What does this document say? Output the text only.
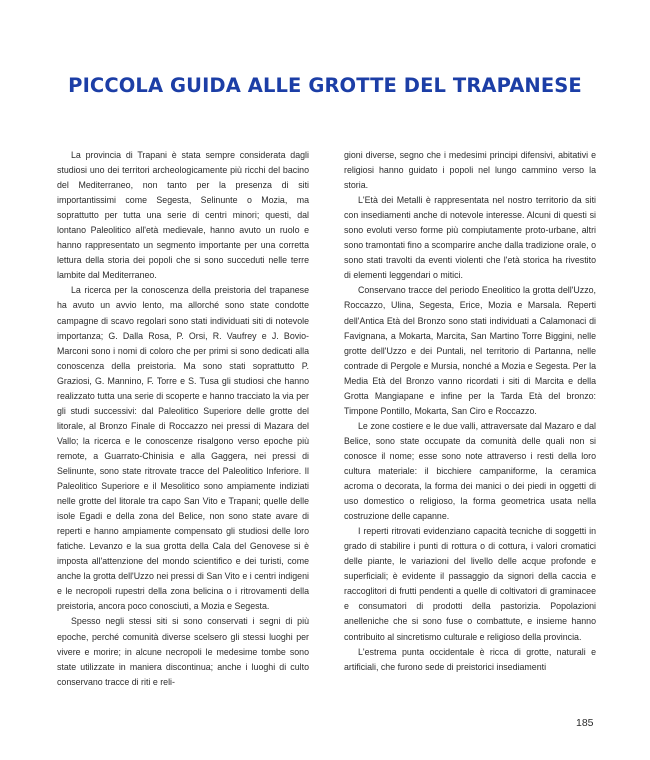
PICCOLA GUIDA ALLE GROTTE DEL TRAPANESE

La provincia di Trapani è stata sempre considerata dagli studiosi uno dei territori archeologicamente più ricchi del bacino del Mediterraneo, non tanto per la presenza di siti importantissimi come Segesta, Selinunte o Mozia, ma soprattutto per tutta una serie di centri minori; questi, dal lontano Paleolitico all'età medievale, hanno avuto un ruolo e hanno rappresentato un segmento importante per una corretta lettura della storia dei popoli che si sono succeduti nelle terre lambite dal Mediterraneo.

La ricerca per la conoscenza della preistoria del trapanese ha avuto un avvio lento, ma allorché sono state condotte campagne di scavo regolari sono stati individuati siti di notevole importanza; G. Dalla Rosa, P. Orsi, R. Vaufrey e J. Bovio-Marconi sono i nomi di coloro che per primi si sono dedicati alla conoscenza della preistoria. Ma sono stati soprattutto P. Graziosi, G. Mannino, F. Torre e S. Tusa gli studiosi che hanno realizzato tutta una serie di scoperte e hanno tracciato la via per gli studi successivi: dal Paleolitico Superiore delle grotte del litorale, al Bronzo Finale di Roccazzo nei pressi di Mazara del Vallo; la ricerca e le conoscenze risalgono verso epoche più remote, a Guarrato-Chinisia e alla Gaggera, nei pressi di Selinunte, sono state ritrovate tracce del Paleolitico Inferiore. Il Paleolitico Superiore e il Mesolitico sono ampiamente indiziati nelle grotte del litorale tra capo San Vito e Trapani; quelle delle isole Egadi e della zona del Belice, non sono state avare di reperti e hanno ampiamente compensato gli studiosi delle loro fatiche. Levanzo e la sua grotta della Cala del Genovese si è imposta all'attenzione del mondo scientifico e dei turisti, come anche la grotta dell'Uzzo nei pressi di San Vito e i centri indigeni e le necropoli rupestri della zona belicina o i ritrovamenti della preistoria, ancora poco conosciuti, a Mozia e Segesta.

Spesso negli stessi siti si sono conservati i segni di più epoche, perché comunità diverse scelsero gli stessi luoghi per vivere e morire; in alcune necropoli le medesime tombe sono state utilizzate in maniera discontinua; anche i luoghi di culto conservano tracce di riti e reli-

gioni diverse, segno che i medesimi principi difensivi, abitativi e religiosi hanno guidato i popoli nel lungo cammino verso la storia.

L'Età dei Metalli è rappresentata nel nostro territorio da siti con insediamenti anche di notevole interesse. Alcuni di questi si sono evoluti verso forme più compiutamente proto-urbane, altri sono tramontati fino a scomparire anche dalla tradizione orale, o sono stati travolti da eventi violenti che l'età storica ha rivestito di elementi leggendari o mitici.

Conservano tracce del periodo Eneolitico la grotta dell'Uzzo, Roccazzo, Ulina, Segesta, Erice, Mozia e Marsala. Reperti dell'Antica Età del Bronzo sono stati individuati a Calamonaci di Favignana, a Mokarta, Marcita, San Martino Torre Biggini, nelle grotte dell'Uzzo e dei Puntali, nel territorio di Partanna, nelle contrade di Pergole e Mursia, nonché a Mozia e Segesta. Per la Media Età del Bronzo vanno ricordati i siti di Marcita e della Grotta Mangiapane e infine per la Tarda Età del bronzo: Timpone Pontillo, Mokarta, San Ciro e Roccazzo.

Le zone costiere e le due valli, attraversate dal Mazaro e dal Belice, sono state occupate da comunità delle quali non si conosce il nome; esse sono note attraverso i resti della loro cultura materiale: il bicchiere campaniforme, la ceramica acroma o decorata, la forma dei manici o dei piedi in oggetti di uso domestico o religioso, la forma geometrica usata nella costruzione delle capanne.

I reperti ritrovati evidenziano capacità tecniche di soggetti in grado di stabilire i punti di rottura o di cottura, i valori cromatici delle piante, le variazioni del livello delle acque profonde e superficiali; è evidente il passaggio da signori della caccia e raccoglitori di frutti pendenti a quelle di coltivatori di graminacee e consumatori di prodotti della pastorizia. Popolazioni anelleniche che si sono fuse o combattute, e insieme hanno contribuito al sincretismo culturale e religioso della provincia.

L'estrema punta occidentale è ricca di grotte, naturali e artificiali, che furono sede di preistorici insediamenti

185
